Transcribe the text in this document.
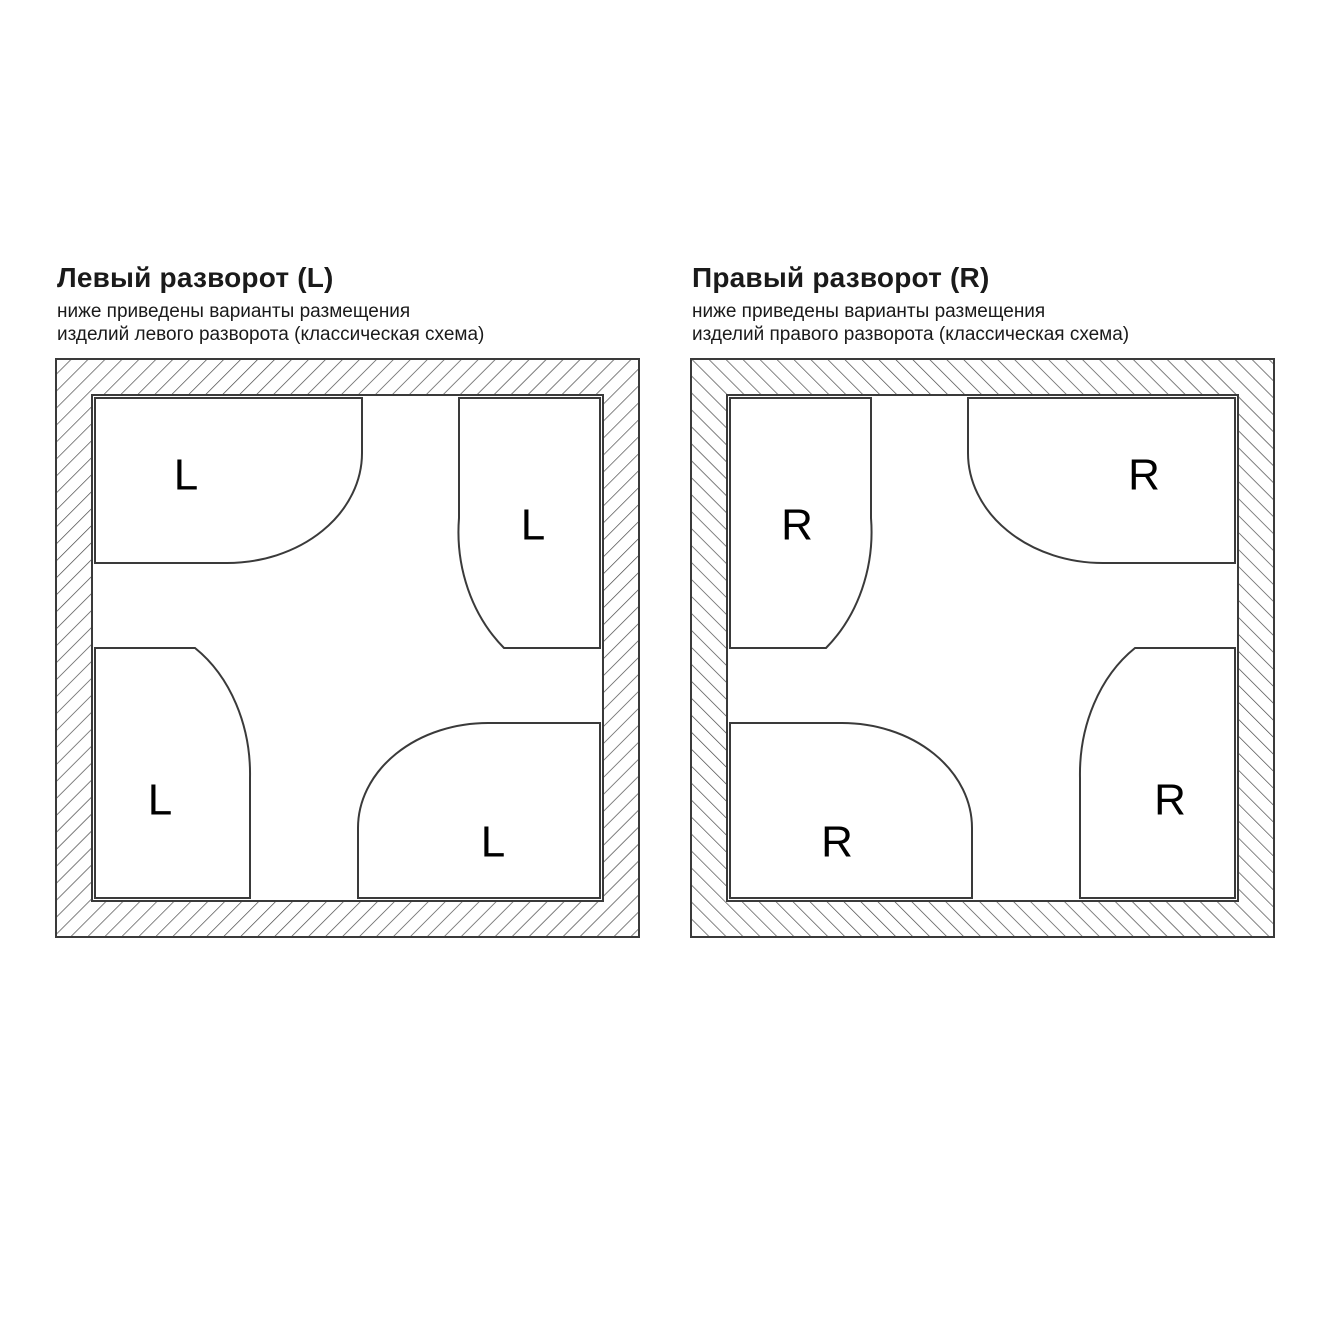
Левый разворот (L)

ниже приведены варианты размещения
изделий левого разворота (классическая схема)

L
L
L
L
Правый разворот (R)

ниже приведены варианты размещения
изделий правого разворота (классическая схема)

R
R
R
R
